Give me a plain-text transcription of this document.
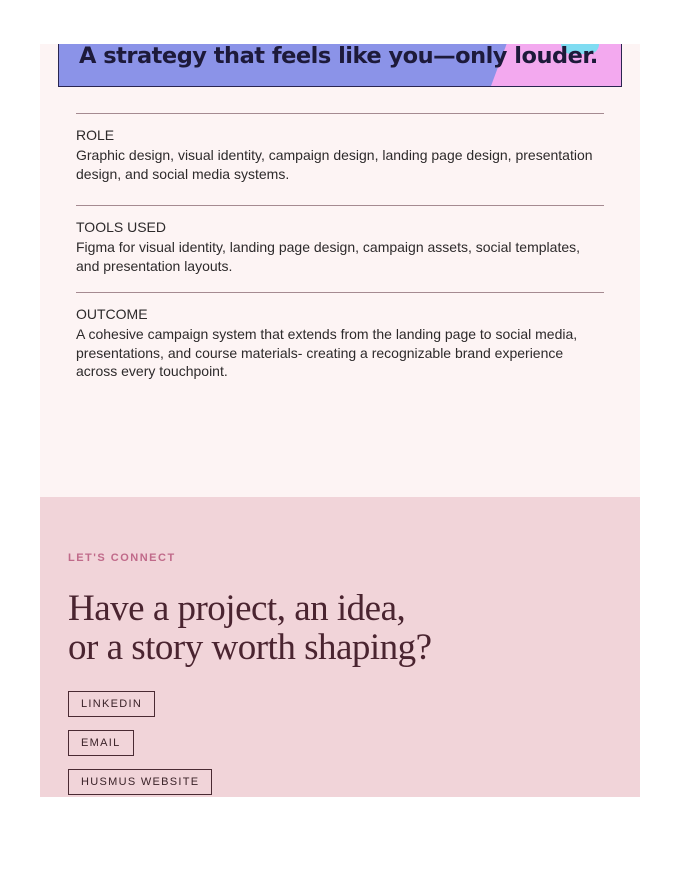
A strategy that feels like you—only louder.
ROLE
Graphic design, visual identity, campaign design, landing page design, presentation design, and social media systems.
TOOLS USED
Figma for visual identity, landing page design, campaign assets, social templates, and presentation layouts.
OUTCOME
A cohesive campaign system that extends from the landing page to social media, presentations, and course materials- creating a recognizable brand experience across every touchpoint.
LET'S CONNECT
Have a project, an idea,
or a story worth shaping?
LINKEDIN
EMAIL
HUSMUS WEBSITE
